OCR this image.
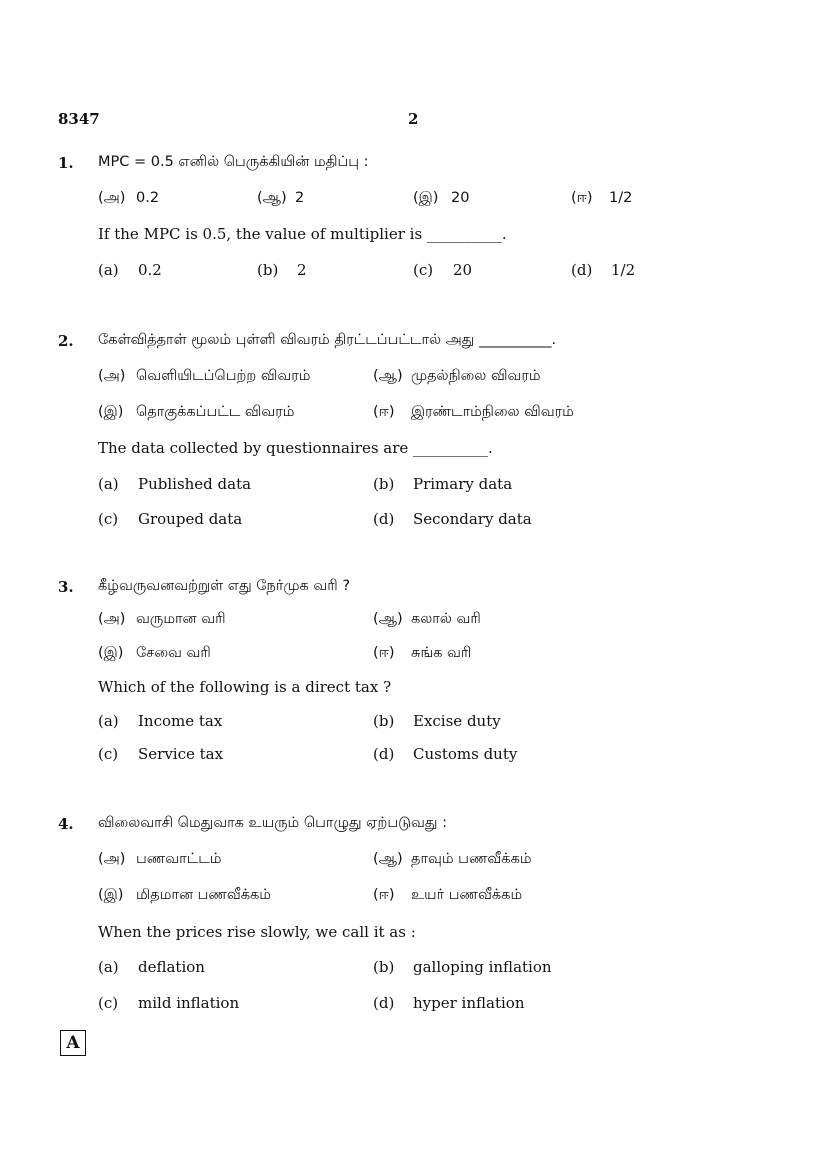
8347	2
1. MPC = 0.5 எனில் பெருக்கியின் மதிப்பு :
(அ) 0.2	(ஆ) 2	(இ) 20	(ஈ) 1/2
If the MPC is 0.5, the value of multiplier is __________.
(a) 0.2	(b) 2	(c) 20	(d) 1/2
2. கேள்வித்தாள் மூலம் புள்ளி விவரம் திரட்டப்பட்டால் அது __________.
(அ) வெளியிடப்பெற்ற விவரம்	(ஆ) முதல்நிலை விவரம்
(இ) தொகுக்கப்பட்ட விவரம்	(ஈ) இரண்டாம்நிலை விவரம்
The data collected by questionnaires are __________.
(a) Published data	(b) Primary data
(c) Grouped data	(d) Secondary data
3. கீழ்வருவனவற்றுள் எது நேர்முக வரி ?
(அ) வருமான வரி	(ஆ) கலால் வரி
(இ) சேவை வரி	(ஈ) சுங்க வரி
Which of the following is a direct tax ?
(a) Income tax	(b) Excise duty
(c) Service tax	(d) Customs duty
4. விலைவாசி மெதுவாக உயரும் பொழுது ஏற்படுவது :
(அ) பணவாட்டம்	(ஆ) தாவும் பணவீக்கம்
(இ) மிதமான பணவீக்கம்	(ஈ) உயர் பணவீக்கம்
When the prices rise slowly, we call it as :
(a) deflation	(b) galloping inflation
(c) mild inflation	(d) hyper inflation
A
